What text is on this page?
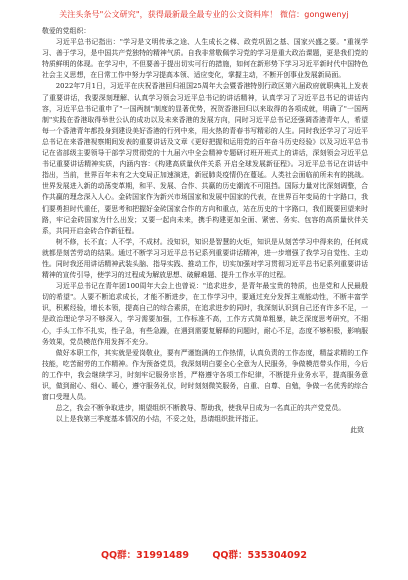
关注头条号"公文研究"，获得最新最全最专业的公文资料库！ 微信：gongwenyj

敬爱的党组织：

习近平总书记指出："学习是文明传承之途、人生成长之梯、政党巩固之基、国家兴盛之要。"重视学习、善于学习，是中国共产党独特的精神气质。自我非常敬佩学习党的学习是重大政治课题，更是我们党的特质鲜明的体现。在学习中，不但要善于提出切实可行的措施，如何在新形势下学习习近平新时代中国特色社会主义思想，在日常工作中努力学习提高本领、适应变化，掌握主动，不断开创事业发展新局面。

2022年7月1日，习近平在庆祝香港回归祖国25周年大会暨香港特别行政区第六届政府就职典礼上发表了重要讲话，我要深刻理解、认真学习领会习近平总书记的讲话精神，认真学习了习近平总书记的讲话内容，习近平总书记重申了"一国两制"制度的显著优势，祝贺香港回归以来取得的各项成就，明确了"一国两制"实践在香港取得举世公认的成功以及未来香港的发展方向，同时习近平总书记还强调香港青年人，希望每一个香港青年都投身到建设美好香港的行列中来，用火热的青春书写精彩的人生。同时我还学习了习近平总书记在来香港视察期间发表的重要讲话及文章《更好把握和运用党的百年奋斗历史经验》以及习近平总书记在省部级主要领导干部学习贯彻党的十九届六中全会精神专题研讨班开班式上的讲话，深刻领会习近平总书记重要讲话精神实质，内涵内容：《构建高质量伙伴关系 开启全球发展新征程》。习近平总书记在讲话中指出，当前，世界百年未有之大变局正加速演进，新冠肺炎疫情仍在蔓延。人类社会面临前所未有的挑战。世界发展进入新的动荡变革期，和平、发展、合作、共赢的历史潮流不可阻挡。国际力量对比深刻调整，合作共赢的理念深入人心。金砖国家作为新兴市场国家和发展中国家的代表，在世界百年变局的十字路口，我们要勇担时代重任，要思考和把握好金砖国家合作的方向和重点，站在历史的十字路口，我们既要回望来时路，牢记金砖国家为什么出发；又要一起向未来，携手构建更加全面、紧密、务实、包容的高质量伙伴关系，共同开启金砖合作新征程。

树不修，长不直；人不学，不成材。没知识，知识是智慧的火炬，知识是从刻苦学习中得来的，任何成就都是刻苦劳动的结果。通过不断学习习近平总书记系列重要讲话精神，进一步增强了我学习自觉性、主动性。同时我还用讲话精神武装头脑、指导实践、推动工作，切实加强对学习贯彻习近平总书记系列重要讲话精神的宣传引导，使学习的过程成为解放思想、破解难题、提升工作水平的过程。

习近平总书记在青年团100周年大会上也曾说："追求进步，是青年最宝贵的特质，也是党和人民最殷切的希望"。人要不断追求成长，才能不断进步，在工作学习中，要通过充分发挥主观能动性，不断丰富学识，积累经验，增长本领，提高自己的综合素质，在追求进步的同时，我深刻认识到自己还有许多不足，一是政治理论学习不够深入，学习需要加强，工作标准不高，工作方式简单粗暴，缺乏深度思考研究，不细心，手头工作不扎实，性子急，有些急躁，在遇到需要复解释的问题时，耐心不足，态度不够积极，影响服务效果，党员模范作用发挥不充分。

做好本职工作，其实就是爱岗敬业，要有严谨饱满的工作热情，认真负责的工作态度，精益求精的工作技能，吃苦耐劳的工作精神。作为预备党员，我深刻明白要全心全意为人民服务，争做模范带头作用，今后的工作中，我会继续学习，时刻牢记服务宗旨，严格遵守各项工作纪律，不断提升业务水平，提高服务意识，做到耐心、细心、暖心，遵守服务礼仪，时时刻刻微笑服务，自重、自尊、自勉，争做一名优秀的综合窗口受理人员。

总之，我会不断争取进步，期望组织不断教导、帮助我，使我早日成为一名真正的共产党党员。

以上是我第三季度基本情况的小结，不妥之处，恳请组织批评指正。

此致

QQ群：31991489 QQ群：535304092
